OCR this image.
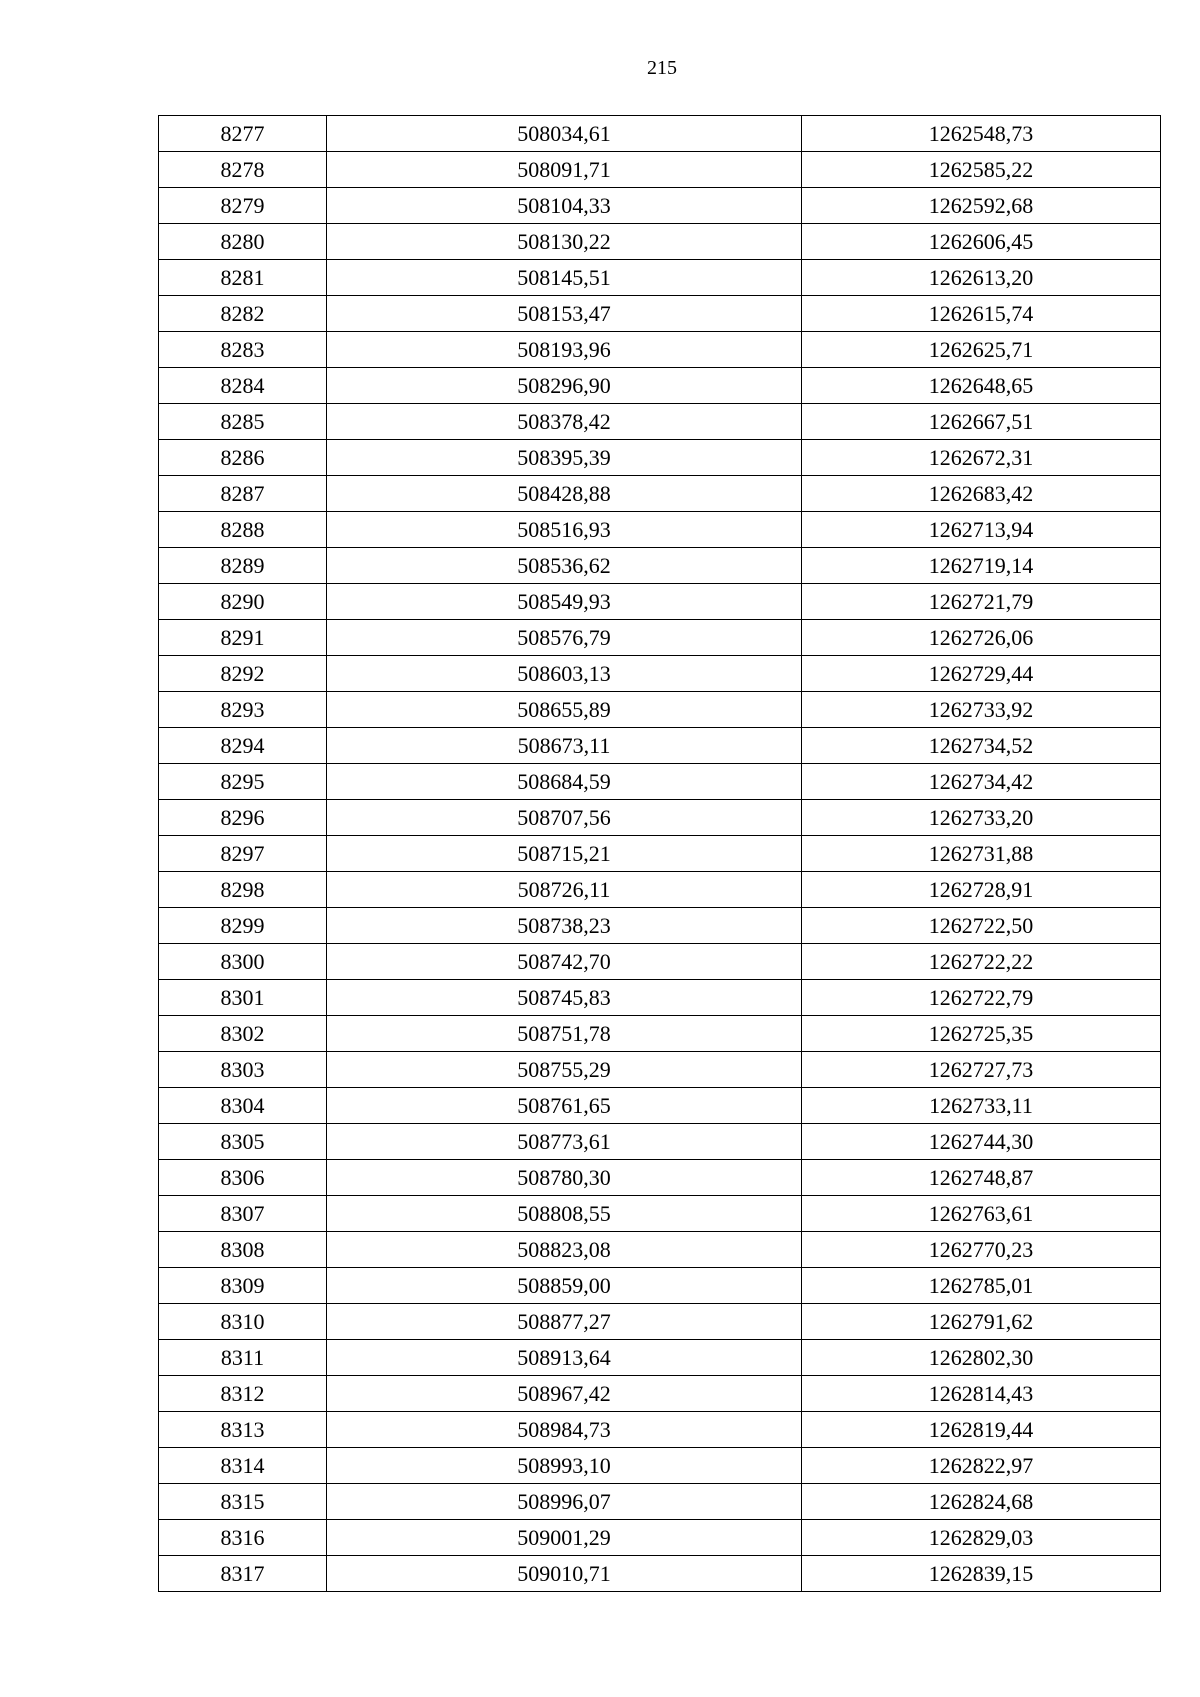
215
8277	508034,61	1262548,73
8278	508091,71	1262585,22
8279	508104,33	1262592,68
8280	508130,22	1262606,45
8281	508145,51	1262613,20
8282	508153,47	1262615,74
8283	508193,96	1262625,71
8284	508296,90	1262648,65
8285	508378,42	1262667,51
8286	508395,39	1262672,31
8287	508428,88	1262683,42
8288	508516,93	1262713,94
8289	508536,62	1262719,14
8290	508549,93	1262721,79
8291	508576,79	1262726,06
8292	508603,13	1262729,44
8293	508655,89	1262733,92
8294	508673,11	1262734,52
8295	508684,59	1262734,42
8296	508707,56	1262733,20
8297	508715,21	1262731,88
8298	508726,11	1262728,91
8299	508738,23	1262722,50
8300	508742,70	1262722,22
8301	508745,83	1262722,79
8302	508751,78	1262725,35
8303	508755,29	1262727,73
8304	508761,65	1262733,11
8305	508773,61	1262744,30
8306	508780,30	1262748,87
8307	508808,55	1262763,61
8308	508823,08	1262770,23
8309	508859,00	1262785,01
8310	508877,27	1262791,62
8311	508913,64	1262802,30
8312	508967,42	1262814,43
8313	508984,73	1262819,44
8314	508993,10	1262822,97
8315	508996,07	1262824,68
8316	509001,29	1262829,03
8317	509010,71	1262839,15
